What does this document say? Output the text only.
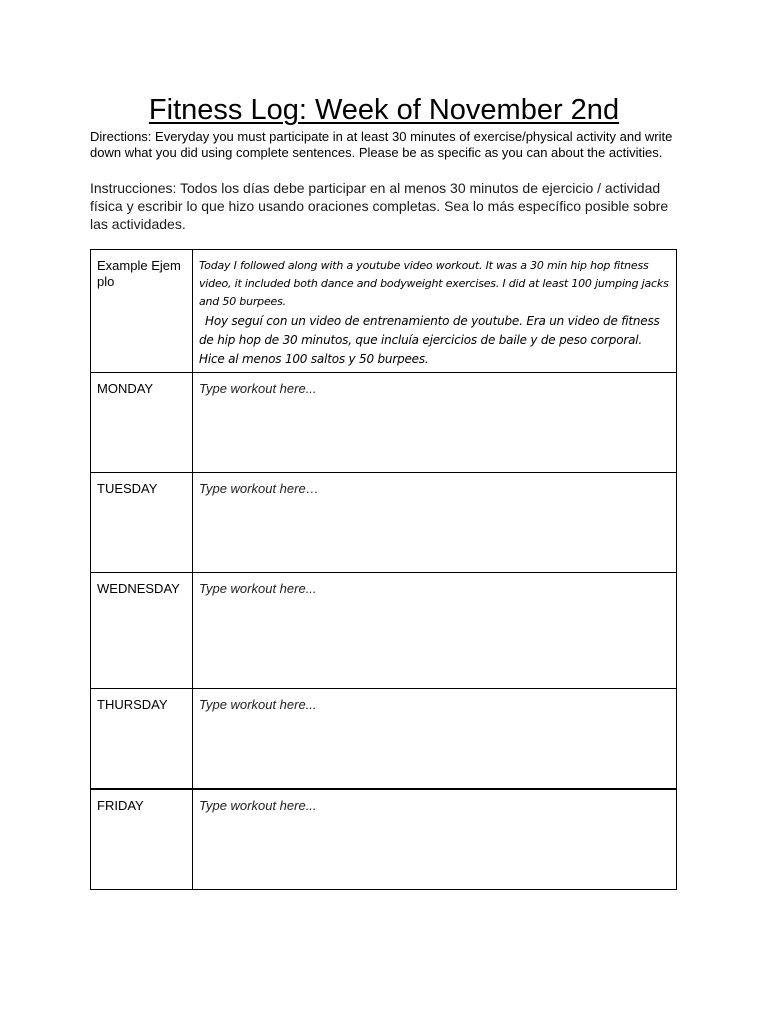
Fitness Log: Week of November 2nd

Directions: Everyday you must participate in at least 30 minutes of exercise/physical activity and write down what you did using complete sentences. Please be as specific as you can about the activities.

Instrucciones: Todos los días debe participar en al menos 30 minutos de ejercicio / actividad física y escribir lo que hizo usando oraciones completas. Sea lo más específico posible sobre las actividades.

Example Ejemplo	Today I followed along with a youtube video workout. It was a 30 min hip hop fitness video, it included both dance and bodyweight exercises. I did at least 100 jumping jacks and 50 burpees.
Hoy seguí con un video de entrenamiento de youtube. Era un video de fitness de hip hop de 30 minutos, que incluía ejercicios de baile y de peso corporal. Hice al menos 100 saltos y 50 burpees.

MONDAY	Type workout here...

TUESDAY	Type workout here…

WEDNESDAY	Type workout here...

THURSDAY	Type workout here...

FRIDAY	Type workout here...
